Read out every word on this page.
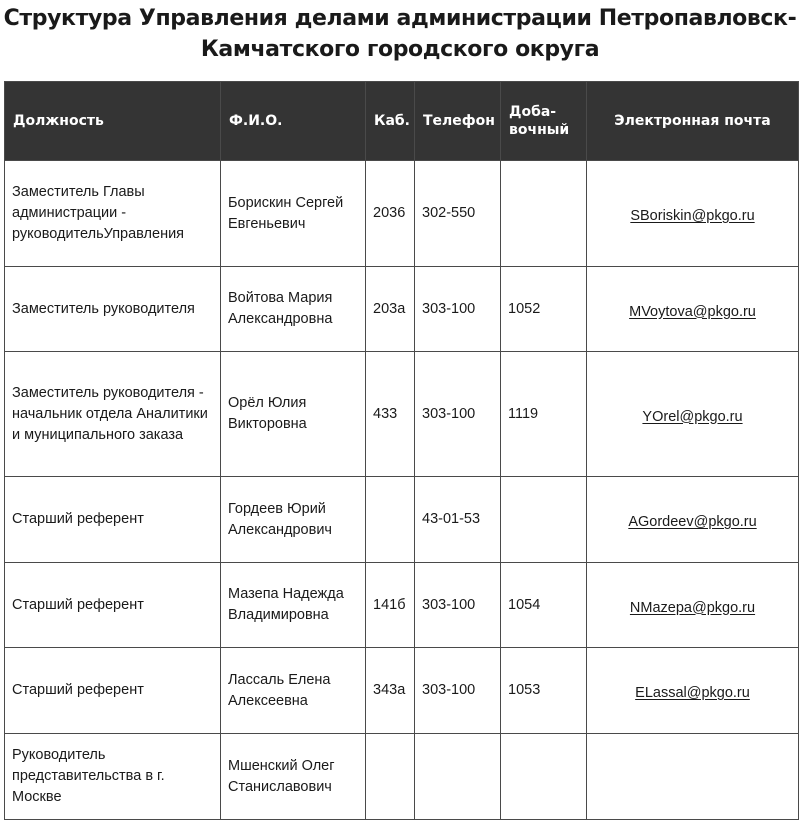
Структура Управления делами администрации Петропавловск-
Камчатского городского округа
Должность	Ф.И.О.	Каб.	Телефон	Доба-вочный	Электронная почта
Заместитель Главы администрации - руководительУправления	Борискин Сергей Евгеньевич	2036	302-550		SBoriskin@pkgo.ru
Заместитель руководителя	Войтова Мария Александровна	203а	303-100	1052	MVoytova@pkgo.ru
Заместитель руководителя - начальник отдела Аналитики и муниципального заказа	Орёл Юлия Викторовна	433	303-100	1119	YOrel@pkgo.ru
Старший референт	Гордеев Юрий Александрович		43-01-53		AGordeev@pkgo.ru
Старший референт	Мазепа Надежда Владимировна	141б	303-100	1054	NMazepa@pkgo.ru
Старший референт	Лассаль Елена Алексеевна	343а	303-100	1053	ELassal@pkgo.ru
Руководитель представительства в г. Москве	Мшенский Олег Станиславович				
